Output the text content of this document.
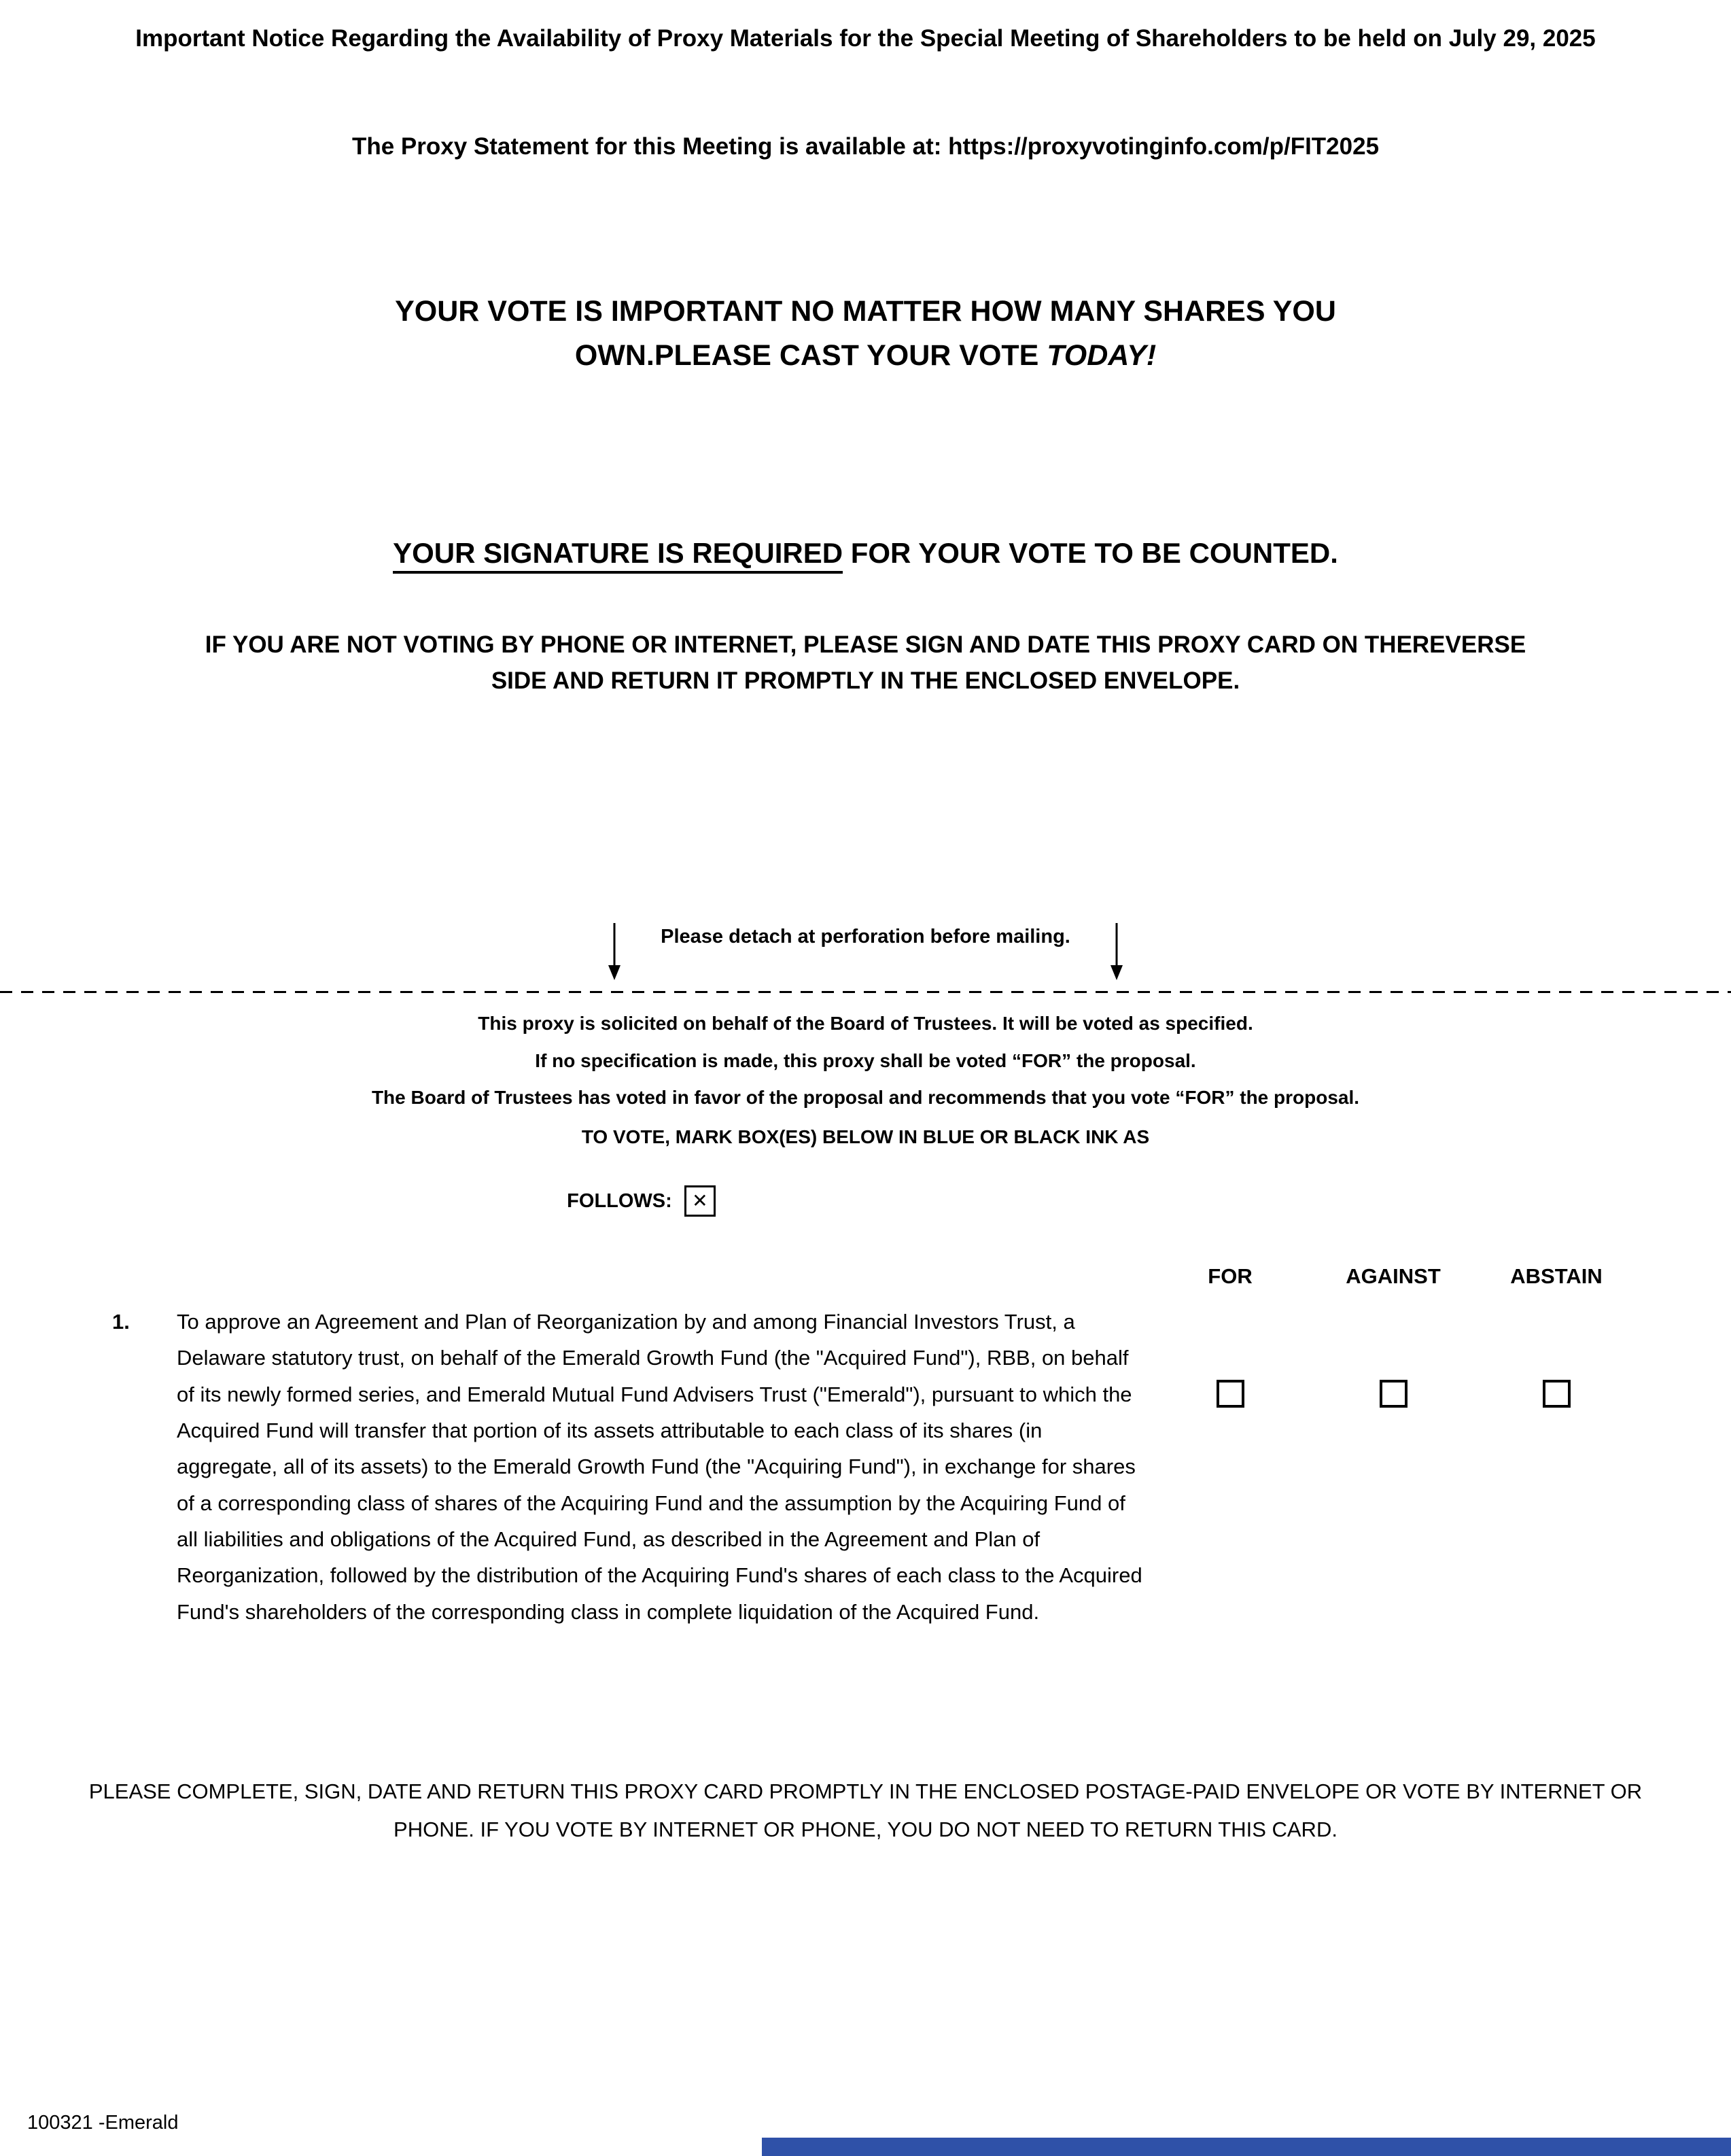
Important Notice Regarding the Availability of Proxy Materials for the Special Meeting of Shareholders to be held on July 29, 2025
The Proxy Statement for this Meeting is available at: https://proxyvotinginfo.com/p/FIT2025
YOUR VOTE IS IMPORTANT NO MATTER HOW MANY SHARES YOU OWN.PLEASE CAST YOUR VOTE TODAY!
YOUR SIGNATURE IS REQUIRED FOR YOUR VOTE TO BE COUNTED.
IF YOU ARE NOT VOTING BY PHONE OR INTERNET, PLEASE SIGN AND DATE THIS PROXY CARD ON THEREVERSE SIDE AND RETURN IT PROMPTLY IN THE ENCLOSED ENVELOPE.
Please detach at perforation before mailing.
This proxy is solicited on behalf of the Board of Trustees. It will be voted as specified.
If no specification is made, this proxy shall be voted “FOR” the proposal.
The Board of Trustees has voted in favor of the proposal and recommends that you vote “FOR” the proposal.
TO VOTE, MARK BOX(ES) BELOW IN BLUE OR BLACK INK AS
FOLLOWS:	✕
FOR	AGAINST	ABSTAIN
1.	To approve an Agreement and Plan of Reorganization by and among Financial Investors Trust, a Delaware statutory trust, on behalf of the Emerald Growth Fund (the "Acquired Fund"), RBB, on behalf of its newly formed series, and Emerald Mutual Fund Advisers Trust ("Emerald"), pursuant to which the Acquired Fund will transfer that portion of its assets attributable to each class of its shares (in aggregate, all of its assets) to the Emerald Growth Fund (the "Acquiring Fund"), in exchange for shares of a corresponding class of shares of the Acquiring Fund and the assumption by the Acquiring Fund of all liabilities and obligations of the Acquired Fund, as described in the Agreement and Plan of Reorganization, followed by the distribution of the Acquiring Fund's shares of each class to the Acquired Fund's shareholders of the corresponding class in complete liquidation of the Acquired Fund.
PLEASE COMPLETE, SIGN, DATE AND RETURN THIS PROXY CARD PROMPTLY IN THE ENCLOSED POSTAGE-PAID ENVELOPE OR VOTE BY INTERNET OR PHONE. IF YOU VOTE BY INTERNET OR PHONE, YOU DO NOT NEED TO RETURN THIS CARD.
100321 -Emerald
